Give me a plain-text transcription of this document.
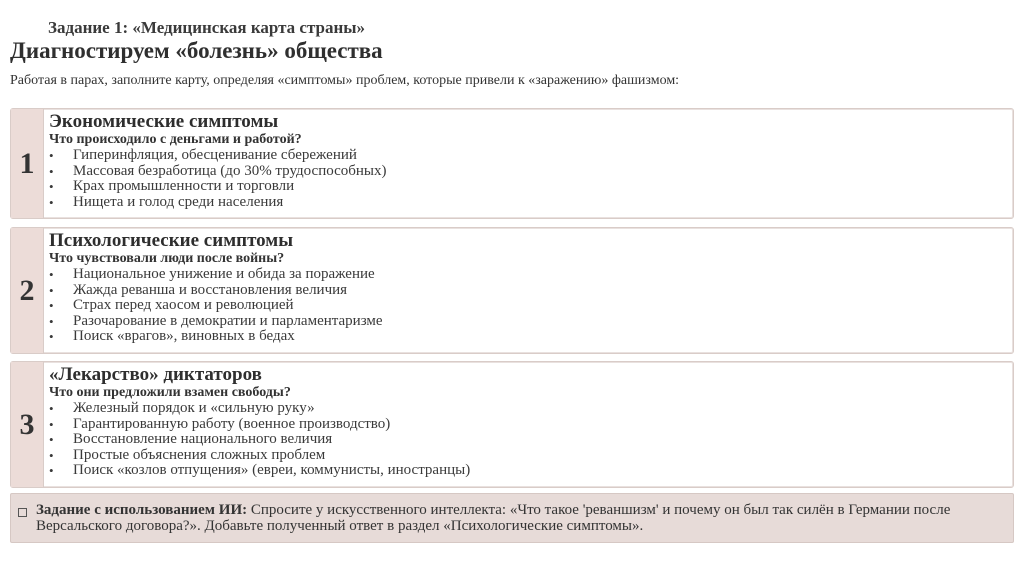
Задание 1: «Медицинская карта страны»
Диагностируем «болезнь» общества
Работая в парах, заполните карту, определяя «симптомы» проблем, которые привели к «заражению» фашизмом:
1
Экономические симптомы
Что происходило с деньгами и работой?
• Гиперинфляция, обесценивание сбережений
• Массовая безработица (до 30% трудоспособных)
• Крах промышленности и торговли
• Нищета и голод среди населения
2
Психологические симптомы
Что чувствовали люди после войны?
• Национальное унижение и обида за поражение
• Жажда реванша и восстановления величия
• Страх перед хаосом и революцией
• Разочарование в демократии и парламентаризме
• Поиск «врагов», виновных в бедах
3
«Лекарство» диктаторов
Что они предложили взамен свободы?
• Железный порядок и «сильную руку»
• Гарантированную работу (военное производство)
• Восстановление национального величия
• Простые объяснения сложных проблем
• Поиск «козлов отпущения» (евреи, коммунисты, иностранцы)
Задание с использованием ИИ: Спросите у искусственного интеллекта: «Что такое 'реваншизм' и почему он был так силён в Германии после Версальского договора?». Добавьте полученный ответ в раздел «Психологические симптомы».
